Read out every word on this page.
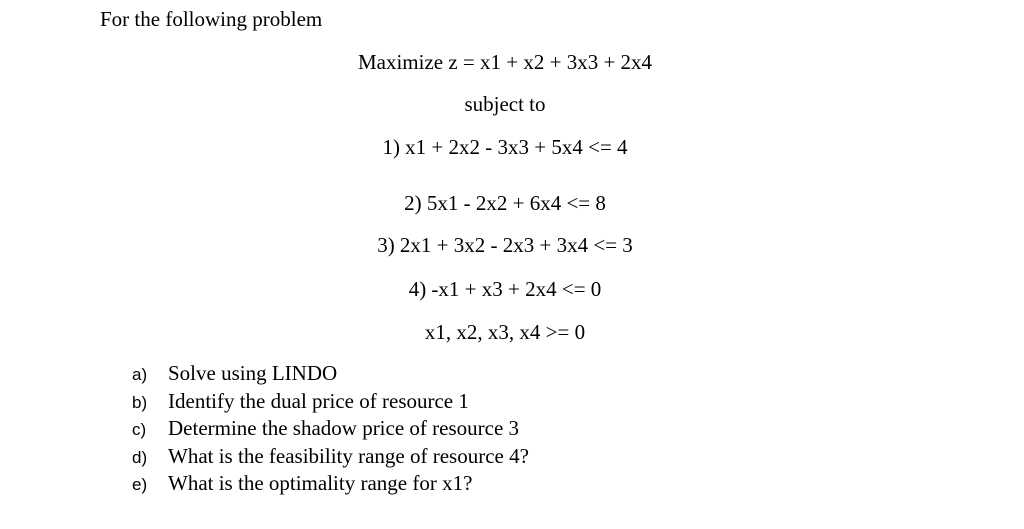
For the following problem
Maximize z = x1 + x2 + 3x3 + 2x4
subject to
1) x1 + 2x2 - 3x3 + 5x4 <= 4
2) 5x1 - 2x2 + 6x4 <= 8
3) 2x1 + 3x2 - 2x3 + 3x4 <= 3
4) -x1 + x3 + 2x4 <= 0
x1, x2, x3, x4 >= 0
a) Solve using LINDO
b) Identify the dual price of resource 1
c)	Determine the shadow price of resource 3
d) What is the feasibility range of resource 4?
e) What is the optimality range for x1?
